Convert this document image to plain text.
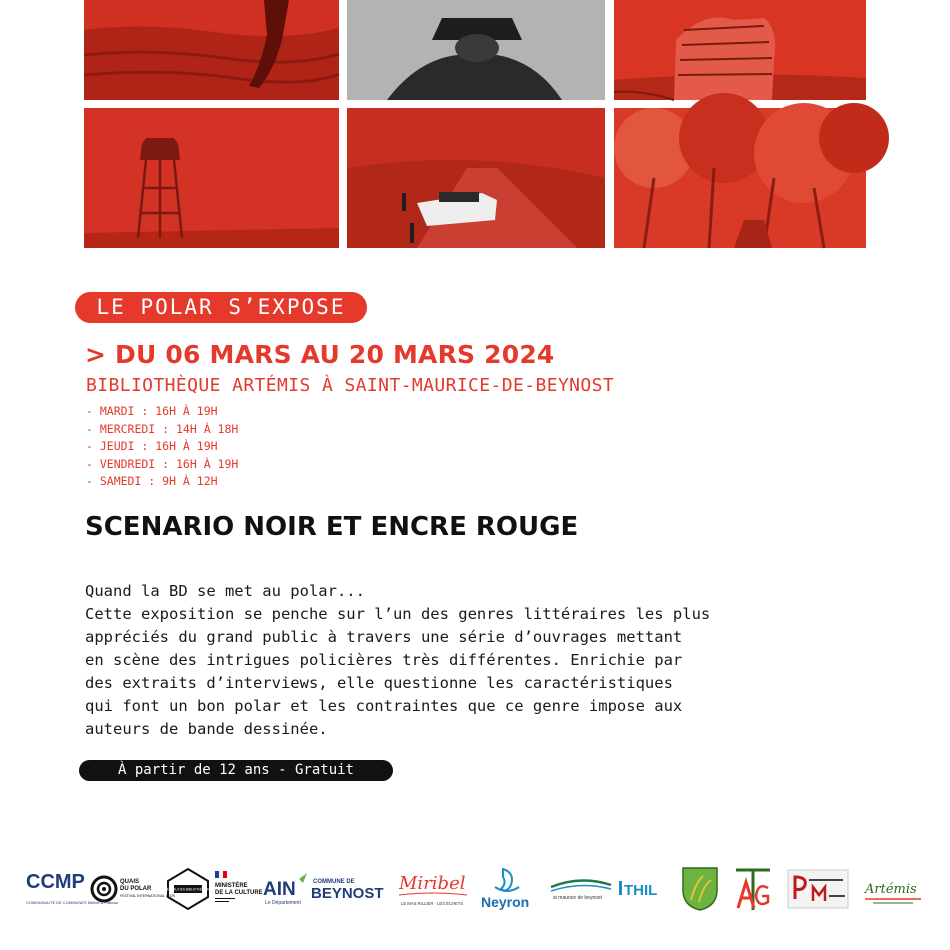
LE POLAR S’EXPOSE
> DU 06 MARS AU 20 MARS 2024
BIBLIOTHÈQUE ARTÉMIS À SAINT-MAURICE-DE-BEYNOST
- MARDI : 16H À 19H
- MERCREDI : 14H À 18H
- JEUDI : 16H À 19H
- VENDREDI : 16H À 19H
- SAMEDI : 9H À 12H
SCENARIO NOIR ET ENCRE ROUGE
Quand la BD se met au polar...

Cette exposition se penche sur l’un des genres littéraires les plus
appréciés du grand public à travers une série d’ouvrages mettant
en scène des intrigues policières très différentes. Enrichie par
des extraits d’interviews, elle questionne les caractéristiques
qui font un bon polar et les contraintes que ce genre impose aux
auteurs de bande dessinée.

À partir de 12 ans - Gratuit
CCMP
COMMUNAUTÉ DE COMMUNES Miribel & Plateau
QUAIS
DU POLAR
FESTIVAL INTERNATIONAL LYON
RÉSEAU DES BIBLIOTHÈQUES
MINISTÈRE
DE LA CULTURE AIN
Le Département
COMMUNE DE
BEYNOST Miribel
LE MAS RILLIER · LES ÉCHETS Neyron	st maurice de beynost THIL	Artémis
